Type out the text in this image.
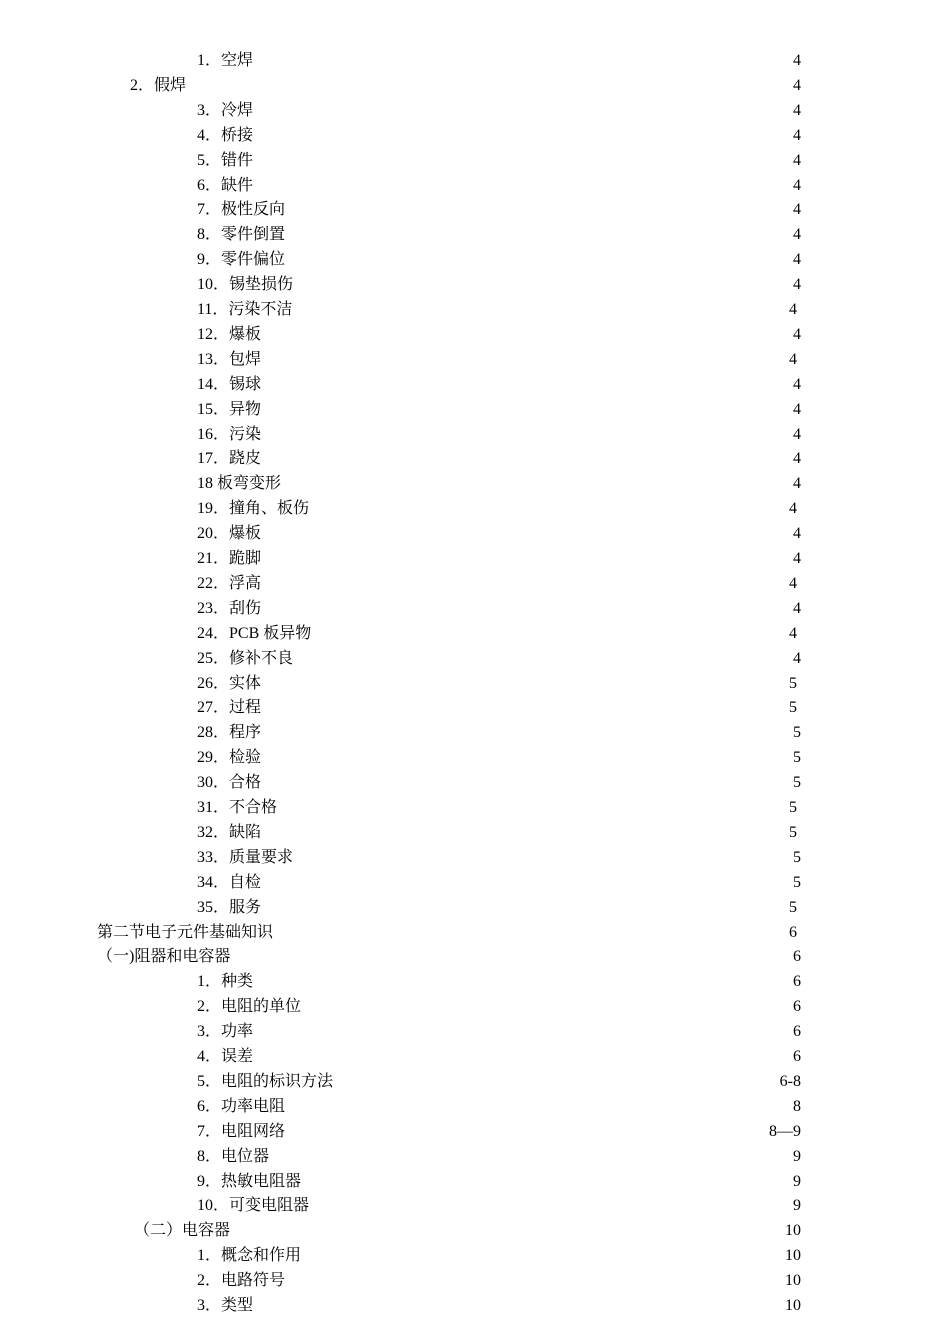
1．空焊	4
2．假焊	4
3．冷焊	4
4．桥接	4
5．错件	4
6．缺件	4
7．极性反向	4
8．零件倒置	4
9．零件偏位	4
10．锡垫损伤	4
11．污染不洁	4
12．爆板	4
13．包焊	4
14．锡球	4
15．异物	4
16．污染	4
17．跷皮	4
18 板弯变形	4
19．撞角、板伤	4
20．爆板	4
21．跪脚	4
22．浮高	4
23．刮伤	4
24．PCB 板异物	4
25．修补不良	4
26．实体	5
27．过程	5
28．程序	5
29．检验	5
30．合格	5
31．不合格	5
32．缺陷	5
33．质量要求	5
34．自检	5
35．服务	5
第二节电子元件基础知识	6
（一)阻器和电容器	6
1．种类	6
2．电阻的单位	6
3．功率	6
4．误差	6
5．电阻的标识方法	6-8
6．功率电阻	8
7．电阻网络	8—9
8．电位器	9
9．热敏电阻器	9
10．可变电阻器	9
（二）电容器	10
1．概念和作用	10
2．电路符号	10
3．类型	10
